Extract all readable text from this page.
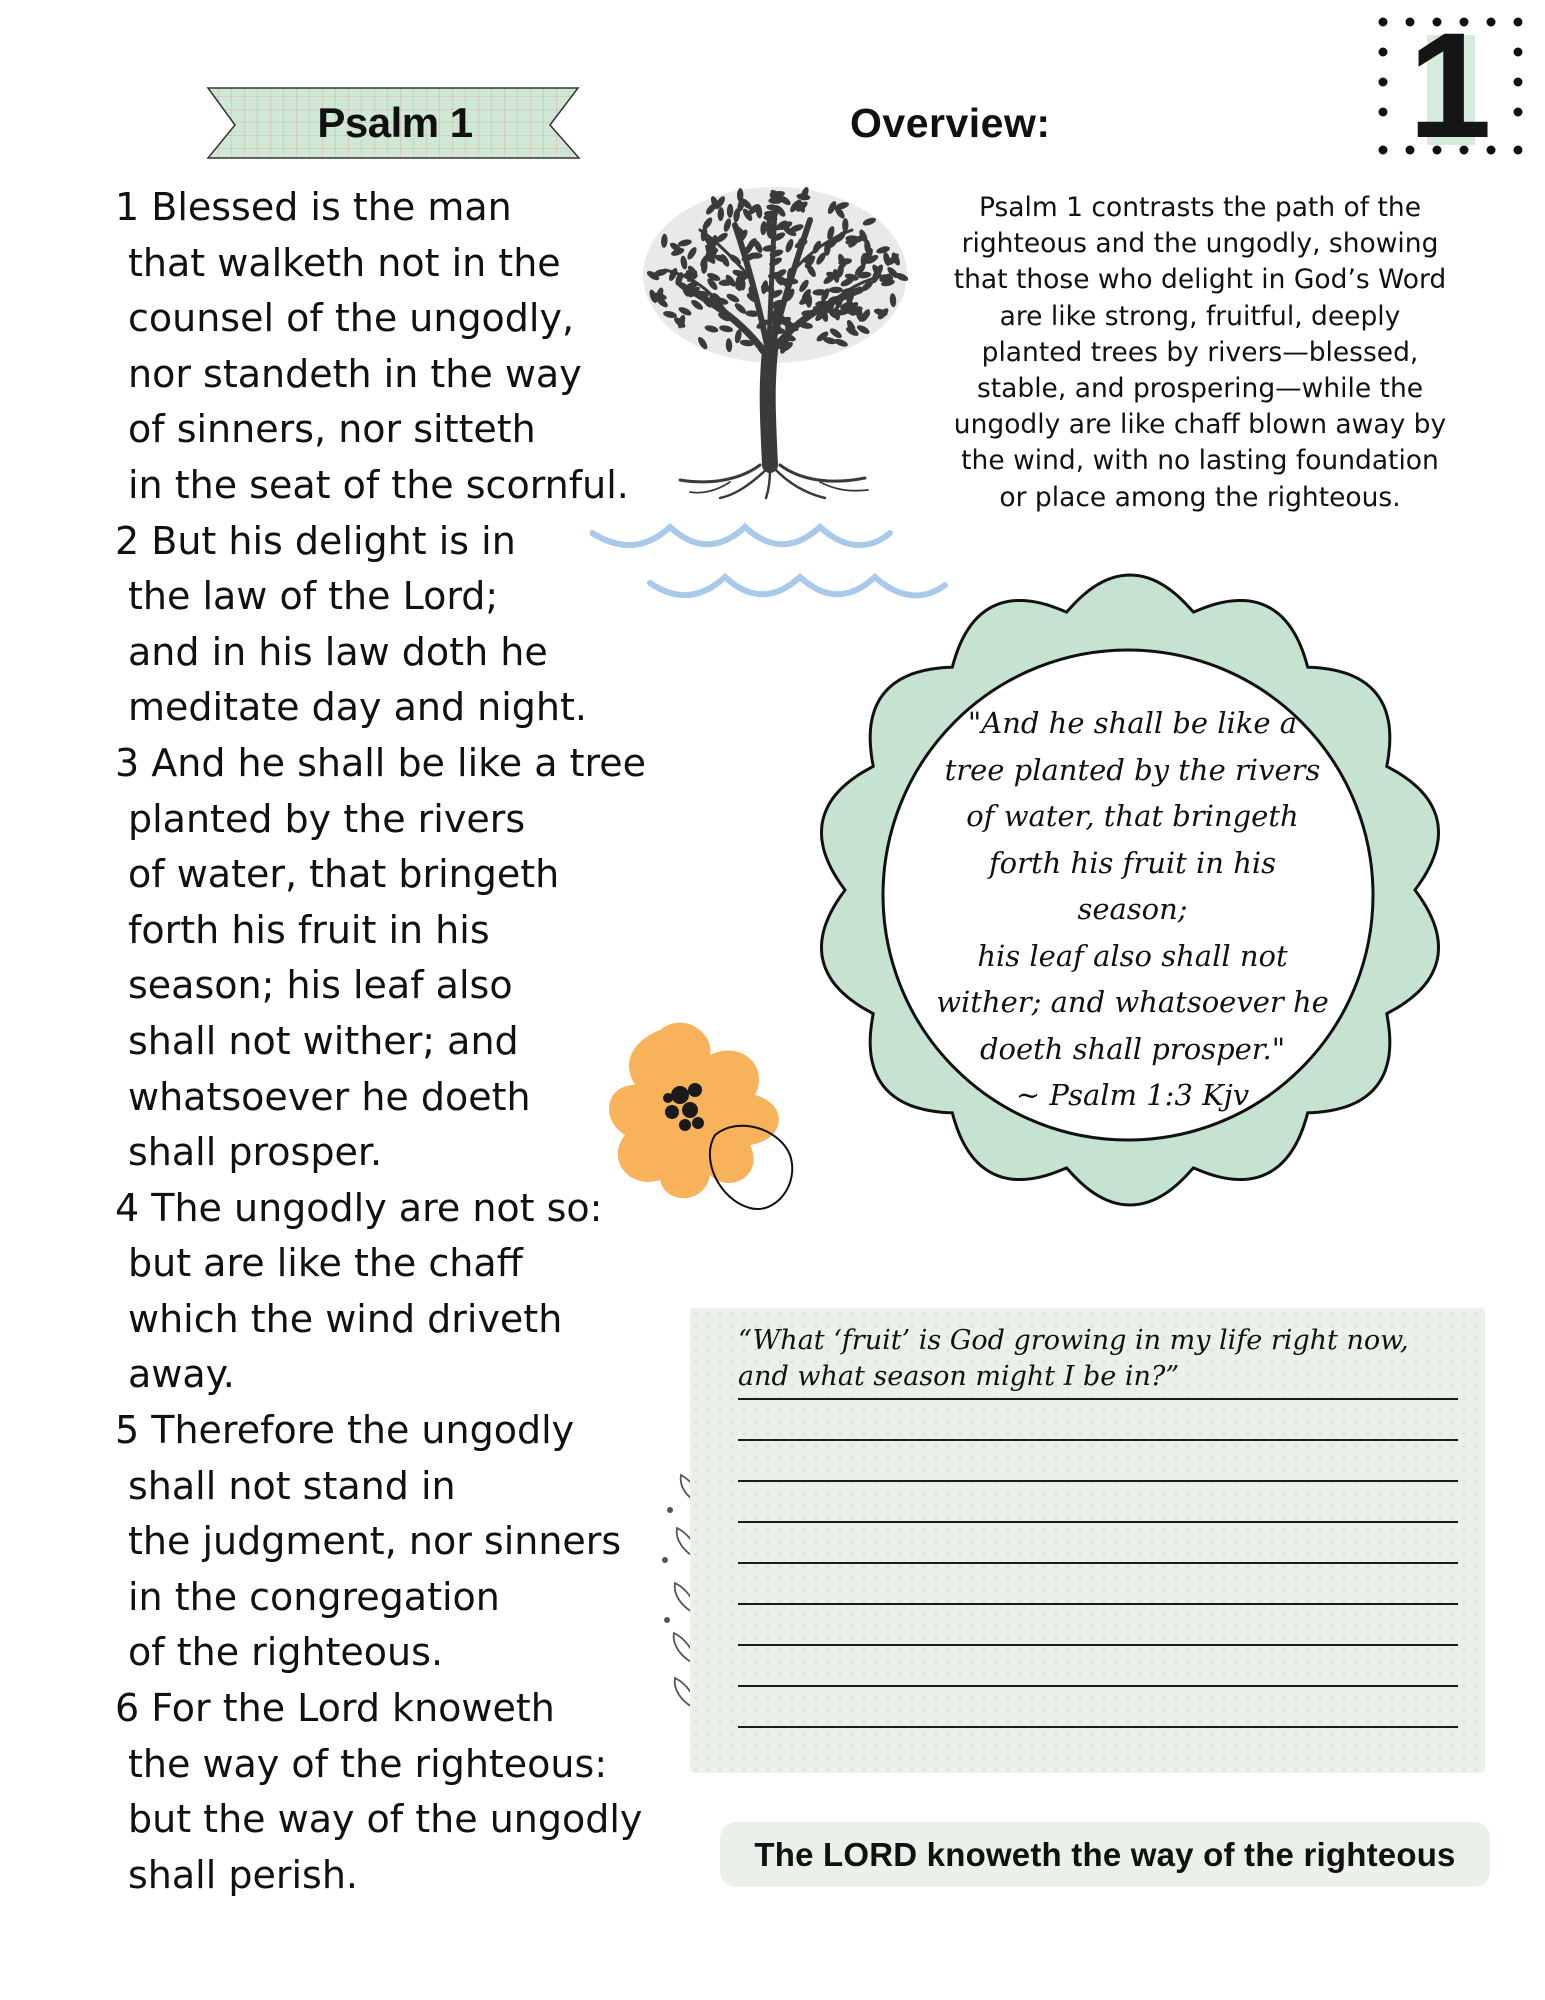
Psalm 1	Overview: 1
1 Blessed is the man
that walketh not in the
counsel of the ungodly,
nor standeth in the way
of sinners, nor sitteth
in the seat of the scornful.
2 But his delight is in
the law of the Lord;
and in his law doth he
meditate day and night.
3 And he shall be like a tree
planted by the rivers
of water, that bringeth
forth his fruit in his
season; his leaf also
shall not wither; and
whatsoever he doeth
shall prosper.
4 The ungodly are not so:
but are like the chaff
which the wind driveth
away.
5 Therefore the ungodly
shall not stand in
the judgment, nor sinners
in the congregation
of the righteous.
6 For the Lord knoweth
the way of the righteous:
but the way of the ungodly
shall perish.
Psalm 1 contrasts the path of the
righteous and the ungodly, showing
that those who delight in God’s Word
are like strong, fruitful, deeply
planted trees by rivers—blessed,
stable, and prospering—while the
ungodly are like chaff blown away by
the wind, with no lasting foundation
or place among the righteous.
"And he shall be like a
tree planted by the rivers
of water, that bringeth
forth his fruit in his season;
his leaf also shall not
wither; and whatsoever he
doeth shall prosper."
~ Psalm 1:3 Kjv
“What ‘fruit’ is God growing in my life right now, and what season might I be in?”
The LORD knoweth the way of the righteous
